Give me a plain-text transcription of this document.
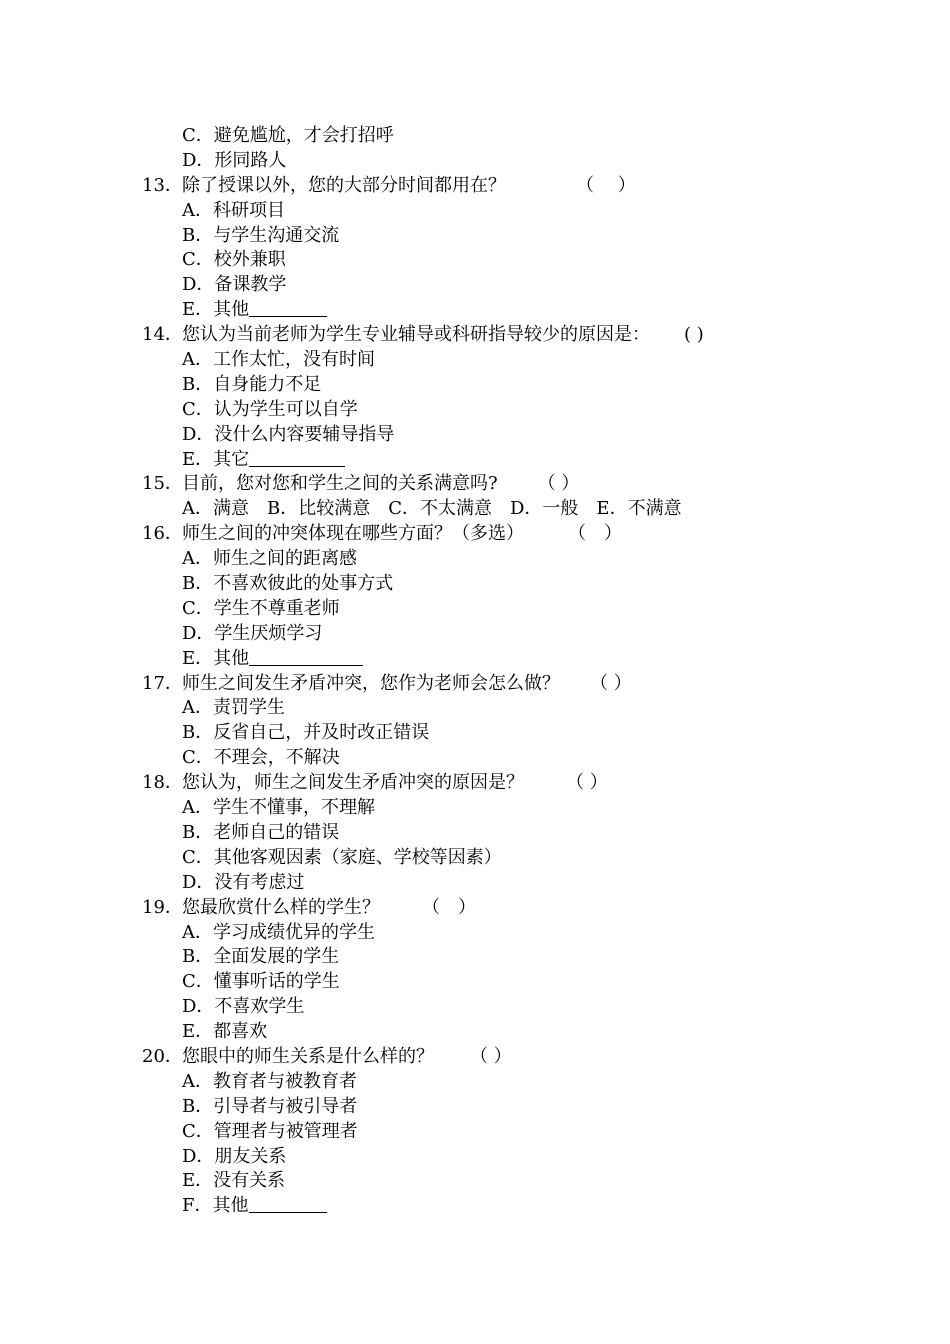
C．避免尴尬，才会打招呼
D．形同路人
13．除了授课以外，您的大部分时间都用在？	（　 ）
A．科研项目
B．与学生沟通交流
C．校外兼职
D．备课教学
E．其他
14．您认为当前老师为学生专业辅导或科研指导较少的原因是： ( )
A．工作太忙，没有时间
B．自身能力不足
C．认为学生可以自学
D．没什么内容要辅导指导
E．其它
15．目前，您对您和学生之间的关系满意吗? （ ）
A．满意　B．比较满意　C．不太满意　D．一般　E．不满意
16．师生之间的冲突体现在哪些方面？（多选） （　）
A．师生之间的距离感
B．不喜欢彼此的处事方式
C．学生不尊重老师
D．学生厌烦学习
E．其他
17．师生之间发生矛盾冲突，您作为老师会怎么做？ （ ）
A．责罚学生
B．反省自己，并及时改正错误
C．不理会，不解决
18．您认为，师生之间发生矛盾冲突的原因是？ （ ）
A．学生不懂事，不理解
B．老师自己的错误
C．其他客观因素（家庭、学校等因素）
D．没有考虑过
19．您最欣赏什么样的学生？ （　）
A．学习成绩优异的学生
B．全面发展的学生
C．懂事听话的学生
D．不喜欢学生
E．都喜欢
20．您眼中的师生关系是什么样的？ （ ）
A．教育者与被教育者
B．引导者与被引导者
C．管理者与被管理者
D．朋友关系
E．没有关系
F．其他
